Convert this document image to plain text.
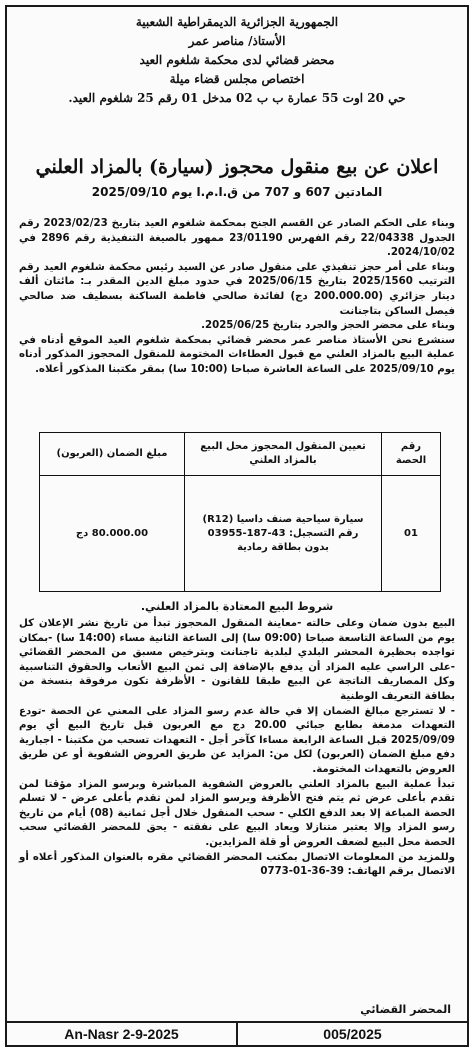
الجمهورية الجزائرية الديمقراطية الشعبية
الأستاذ/ مناصر عمر
محضر قضائي لدى محكمة شلغوم العيد
اختصاص مجلس قضاء ميلة
حي 20 اوت 55 عمارة ب ب 02 مدخل 01 رقم 25 شلغوم العيد.
اعلان عن بيع منقول محجوز (سيارة) بالمزاد العلني
المادتين 607 و 707 من ق.ا.م.ا يوم 2025/09/10

وبناء على الحكم الصادر عن القسم الجنح بمحكمة شلغوم العيد بتاريخ 2023/02/23 رقم الجدول 22/04338 رقم الفهرس 23/01190 ممهور بالصيغة التنفيذية رقم 2896 في 2024/10/02.

وبناء على أمر حجز تنفيذي على منقول صادر عن السيد رئيس محكمة شلغوم العيد رقم الترتيب 2025/1560 بتاريخ 2025/06/15 في حدود مبلغ الدين المقدر بـ: مائتان ألف دينار جزائري (200.000.00 دج) لفائدة صالحي فاطمة الساكنة بسطيف ضد صالحي فيصل الساكن بتاجنانت

وبناء على محضر الحجز والجرد بتاريخ 2025/06/25.

سنشرع نحن الأستاذ مناصر عمر محضر قضائي بمحكمة شلغوم العيد الموقع أدناه في عملية البيع بالمزاد العلني مع قبول العطاءات المختومة للمنقول المحجوز المذكور أدناه يوم 2025/09/10 على الساعة العاشرة صباحا (10:00 سا) بمقر مكتبنا المذكور أعلاه.

رقم الحصة	تعيين المنقول المحجوز محل البيع بالمزاد العلني	مبلغ الضمان (العربون)
01	سيارة سياحية صنف داسيا (R12)
رقم التسجيل: 43-187-03955
بدون بطاقة رمادية	80.000.00 دج
شروط البيع المعتادة بالمزاد العلني.

البيع بدون ضمان وعلى حالته -معاينة المنقول المحجوز تبدأ من تاريخ نشر الإعلان كل يوم من الساعة التاسعة صباحا (09:00 سا) إلى الساعة الثانية مساء (14:00 سا) -بمكان تواجده بحظيرة المحشر البلدي لبلدية تاجنانت وبترخيص مسبق من المحضر القضائي -على الراسي عليه المزاد أن يدفع بالإضافة إلى ثمن البيع الأتعاب والحقوق التناسبية وكل المصاريف الناتجة عن البيع طبقا للقانون - الأظرفة تكون مرفوقة بنسخة من بطاقة التعريف الوطنية

- لا تسترجع مبالغ الضمان إلا في حالة عدم رسو المزاد على المعني عن الحصة -تودع التعهدات مدمغة بطابع جبائي 20.00 دج مع العربون قبل تاريخ البيع أي يوم 2025/09/09 قبل الساعة الرابعة مساءا كآخر أجل - التعهدات تسحب من مكتبنا - اجبارية دفع مبلغ الضمان (العربون) لكل من: المزايد عن طريق العروض الشفوية أو عن طريق العروض بالتعهدات المختومة.

تبدأ عملية البيع بالمزاد العلني بالعروض الشفوية المباشرة وبرسو المزاد مؤقتا لمن تقدم بأعلى عرض ثم يتم فتح الأظرفة ويرسو المزاد لمن تقدم بأعلى عرض - لا تسلم الحصة المباعة إلا بعد الدفع الكلي - سحب المنقول خلال أجل ثمانية (08) أيام من تاريخ رسو المزاد وإلا يعتبر متنازلا ويعاد البيع على نفقته - يحق للمحضر القضائي سحب الحصة محل البيع لضعف العروض أو قلة المزايدين.

وللمزيد من المعلومات الاتصال بمكتب المحضر القضائي مقره بالعنوان المذكور أعلاه أو الاتصال برقم الهاتف: 39-36-01-0773

المحضر القضائي
An-Nasr 2-9-2025	005/2025
